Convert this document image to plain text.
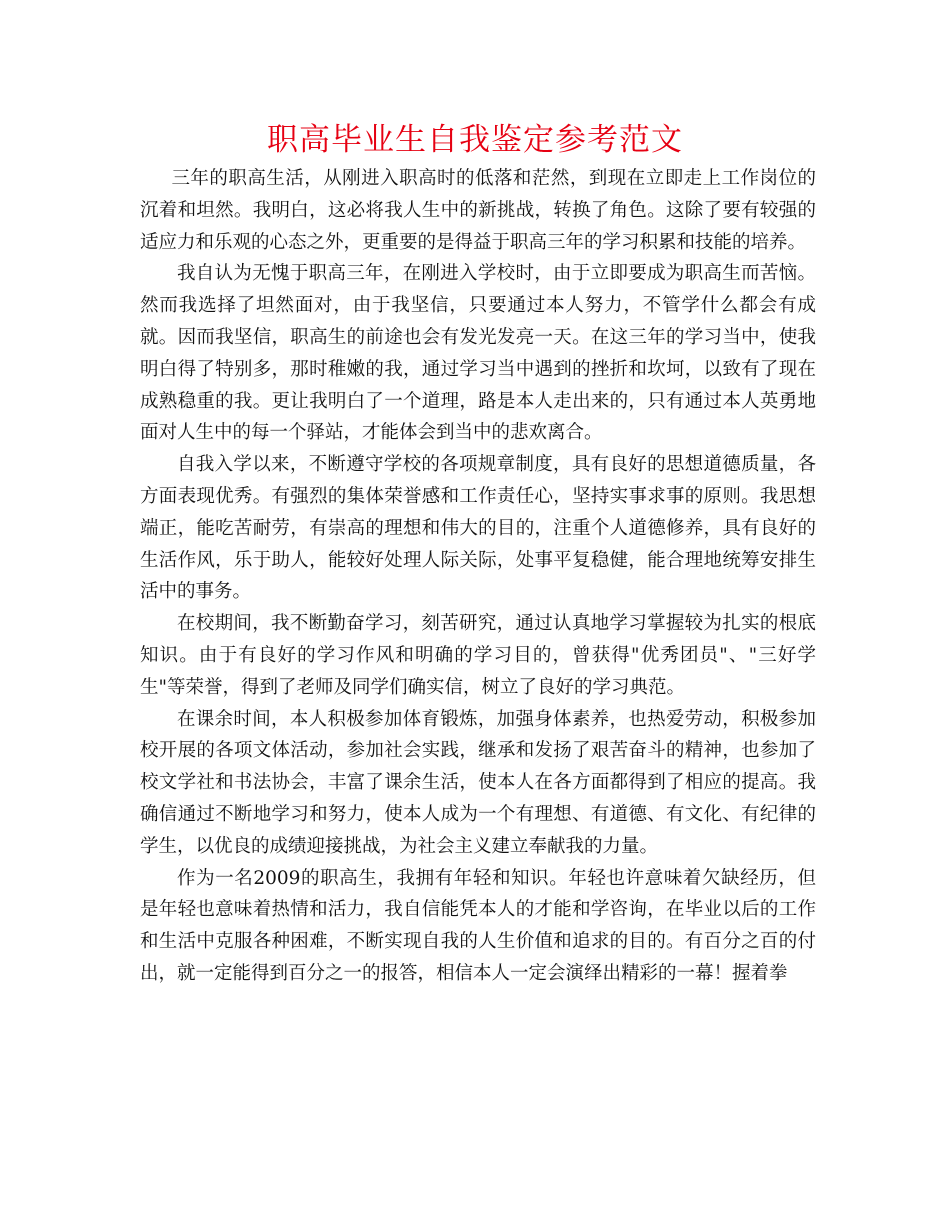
职高毕业生自我鉴定参考范文

三年的职高生活，从刚进入职高时的低落和茫然，到现在立即走上工作岗位的沉着和坦然。我明白，这必将我人生中的新挑战，转换了角色。这除了要有较强的适应力和乐观的心态之外，更重要的是得益于职高三年的学习积累和技能的培养。

我自认为无愧于职高三年，在刚进入学校时，由于立即要成为职高生而苦恼。然而我选择了坦然面对，由于我坚信，只要通过本人努力，不管学什么都会有成就。因而我坚信，职高生的前途也会有发光发亮一天。在这三年的学习当中，使我明白得了特别多，那时稚嫩的我，通过学习当中遇到的挫折和坎坷，以致有了现在成熟稳重的我。更让我明白了一个道理，路是本人走出来的，只有通过本人英勇地面对人生中的每一个驿站，才能体会到当中的悲欢离合。

自我入学以来，不断遵守学校的各项规章制度，具有良好的思想道德质量，各方面表现优秀。有强烈的集体荣誉感和工作责任心，坚持实事求事的原则。我思想端正，能吃苦耐劳，有崇高的理想和伟大的目的，注重个人道德修养，具有良好的生活作风，乐于助人，能较好处理人际关际，处事平复稳健，能合理地统筹安排生活中的事务。

在校期间，我不断勤奋学习，刻苦研究，通过认真地学习掌握较为扎实的根底知识。由于有良好的学习作风和明确的学习目的，曾获得"优秀团员"、"三好学生"等荣誉，得到了老师及同学们确实信，树立了良好的学习典范。

在课余时间，本人积极参加体育锻炼，加强身体素养，也热爱劳动，积极参加校开展的各项文体活动，参加社会实践，继承和发扬了艰苦奋斗的精神，也参加了校文学社和书法协会，丰富了课余生活，使本人在各方面都得到了相应的提高。我确信通过不断地学习和努力，使本人成为一个有理想、有道德、有文化、有纪律的学生，以优良的成绩迎接挑战，为社会主义建立奉献我的力量。

作为一名2009的职高生，我拥有年轻和知识。年轻也许意味着欠缺经历，但是年轻也意味着热情和活力，我自信能凭本人的才能和学咨询，在毕业以后的工作和生活中克服各种困难，不断实现自我的人生价值和追求的目的。有百分之百的付出，就一定能得到百分之一的报答，相信本人一定会演绎出精彩的一幕！握着拳
